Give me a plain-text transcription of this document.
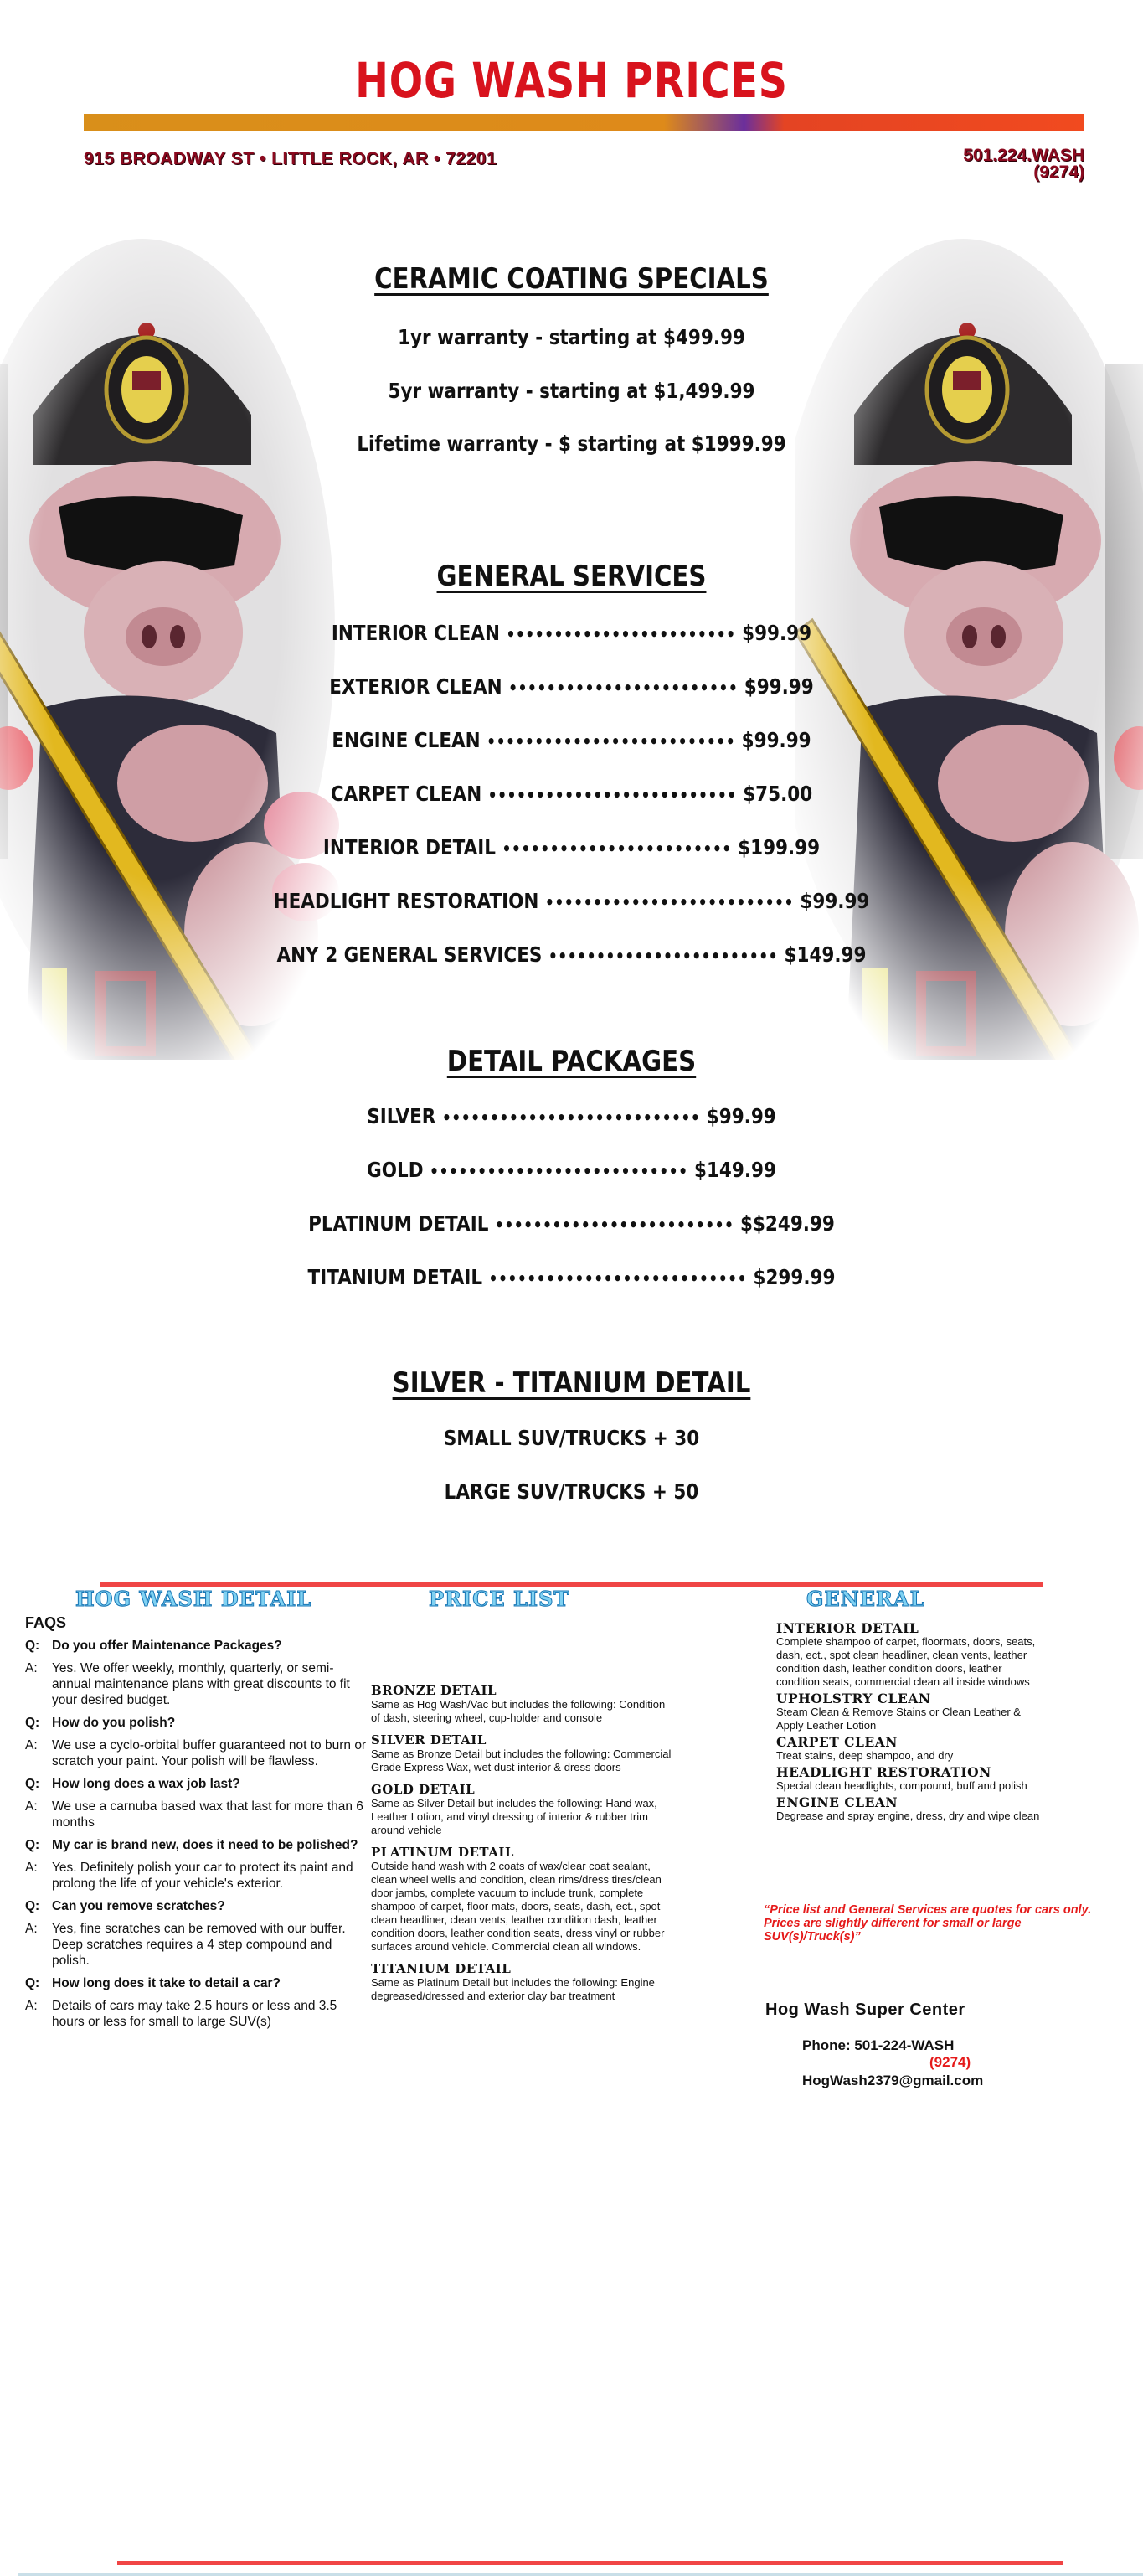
HOG WASH PRICES
915 BROADWAY ST • LITTLE ROCK, AR • 72201	501.224.WASH
(9274)
CERAMIC COATING SPECIALS
1yr warranty - starting at $499.99
5yr warranty - starting at $1,499.99
Lifetime warranty - $ starting at $1999.99
GENERAL SERVICES
INTERIOR CLEAN •••••••••••••••••••••••• $99.99
EXTERIOR CLEAN •••••••••••••••••••••••• $99.99
ENGINE CLEAN •••••••••••••••••••••••••• $99.99
CARPET CLEAN •••••••••••••••••••••••••• $75.00
INTERIOR DETAIL •••••••••••••••••••••••• $199.99
HEADLIGHT RESTORATION •••••••••••••••••••••••••• $99.99
ANY 2 GENERAL SERVICES •••••••••••••••••••••••• $149.99
DETAIL PACKAGES
SILVER ••••••••••••••••••••••••••• $99.99
GOLD ••••••••••••••••••••••••••• $149.99
PLATINUM DETAIL ••••••••••••••••••••••••• $$249.99
TITANIUM DETAIL ••••••••••••••••••••••••••• $299.99
SILVER - TITANIUM DETAIL
SMALL SUV/TRUCKS + 30
LARGE SUV/TRUCKS + 50
HOG WASH DETAIL	PRICE LIST	GENERAL
FAQS
Q: Do you offer Maintenance Packages?
A:	Yes. We offer weekly, monthly, quarterly, or semi-annual maintenance plans with great discounts to fit your desired budget.
Q: How do you polish?
A:	We use a cyclo-orbital buffer guaranteed not to burn or scratch your paint. Your polish will be flawless.
Q: How long does a wax job last?
A:	We use a carnuba based wax that last for more than 6 months
Q: My car is brand new, does it need to be polished?
A:	Yes. Definitely polish your car to protect its paint and prolong the life of your vehicle's exterior.
Q: Can you remove scratches?
A:	Yes, fine scratches can be removed with our buffer. Deep scratches requires a 4 step compound and polish.
Q: How long does it take to detail a car?
A:	Details of cars may take 2.5 hours or less and 3.5 hours or less for small to large SUV(s)
BRONZE DETAIL
Same as Hog Wash/Vac but includes the following: Condition of dash, steering wheel, cup-holder and console
SILVER DETAIL
Same as Bronze Detail but includes the following: Commercial Grade Express Wax, wet dust interior & dress doors
GOLD DETAIL
Same as Silver Detail but includes the following: Hand wax, Leather Lotion, and vinyl dressing of interior & rubber trim around vehicle
PLATINUM DETAIL
Outside hand wash with 2 coats of wax/clear coat sealant, clean wheel wells and condition, clean rims/dress tires/clean door jambs, complete vacuum to include trunk, complete shampoo of carpet, floor mats, doors, seats, dash, ect., spot clean headliner, clean vents, leather condition dash, leather condition doors, leather condition seats, dress vinyl or rubber surfaces around vehicle. Commercial clean all windows.
TITANIUM DETAIL
Same as Platinum Detail but includes the following: Engine degreased/dressed and exterior clay bar treatment
INTERIOR DETAIL
Complete shampoo of carpet, floormats, doors, seats, dash, ect., spot clean headliner, clean vents, leather condition dash, leather condition doors, leather condition seats, commercial clean all inside windows
UPHOLSTRY CLEAN
Steam Clean & Remove Stains or Clean Leather & Apply Leather Lotion
CARPET CLEAN
Treat stains, deep shampoo, and dry
HEADLIGHT RESTORATION
Special clean headlights, compound, buff and polish
ENGINE CLEAN
Degrease and spray engine, dress, dry and wipe clean
“Price list and General Services are quotes for cars only. Prices are slightly different for small or large SUV(s)/Truck(s)”
Hog Wash Super Center
Phone: 501-224-WASH
(9274)
HogWash2379@gmail.com
